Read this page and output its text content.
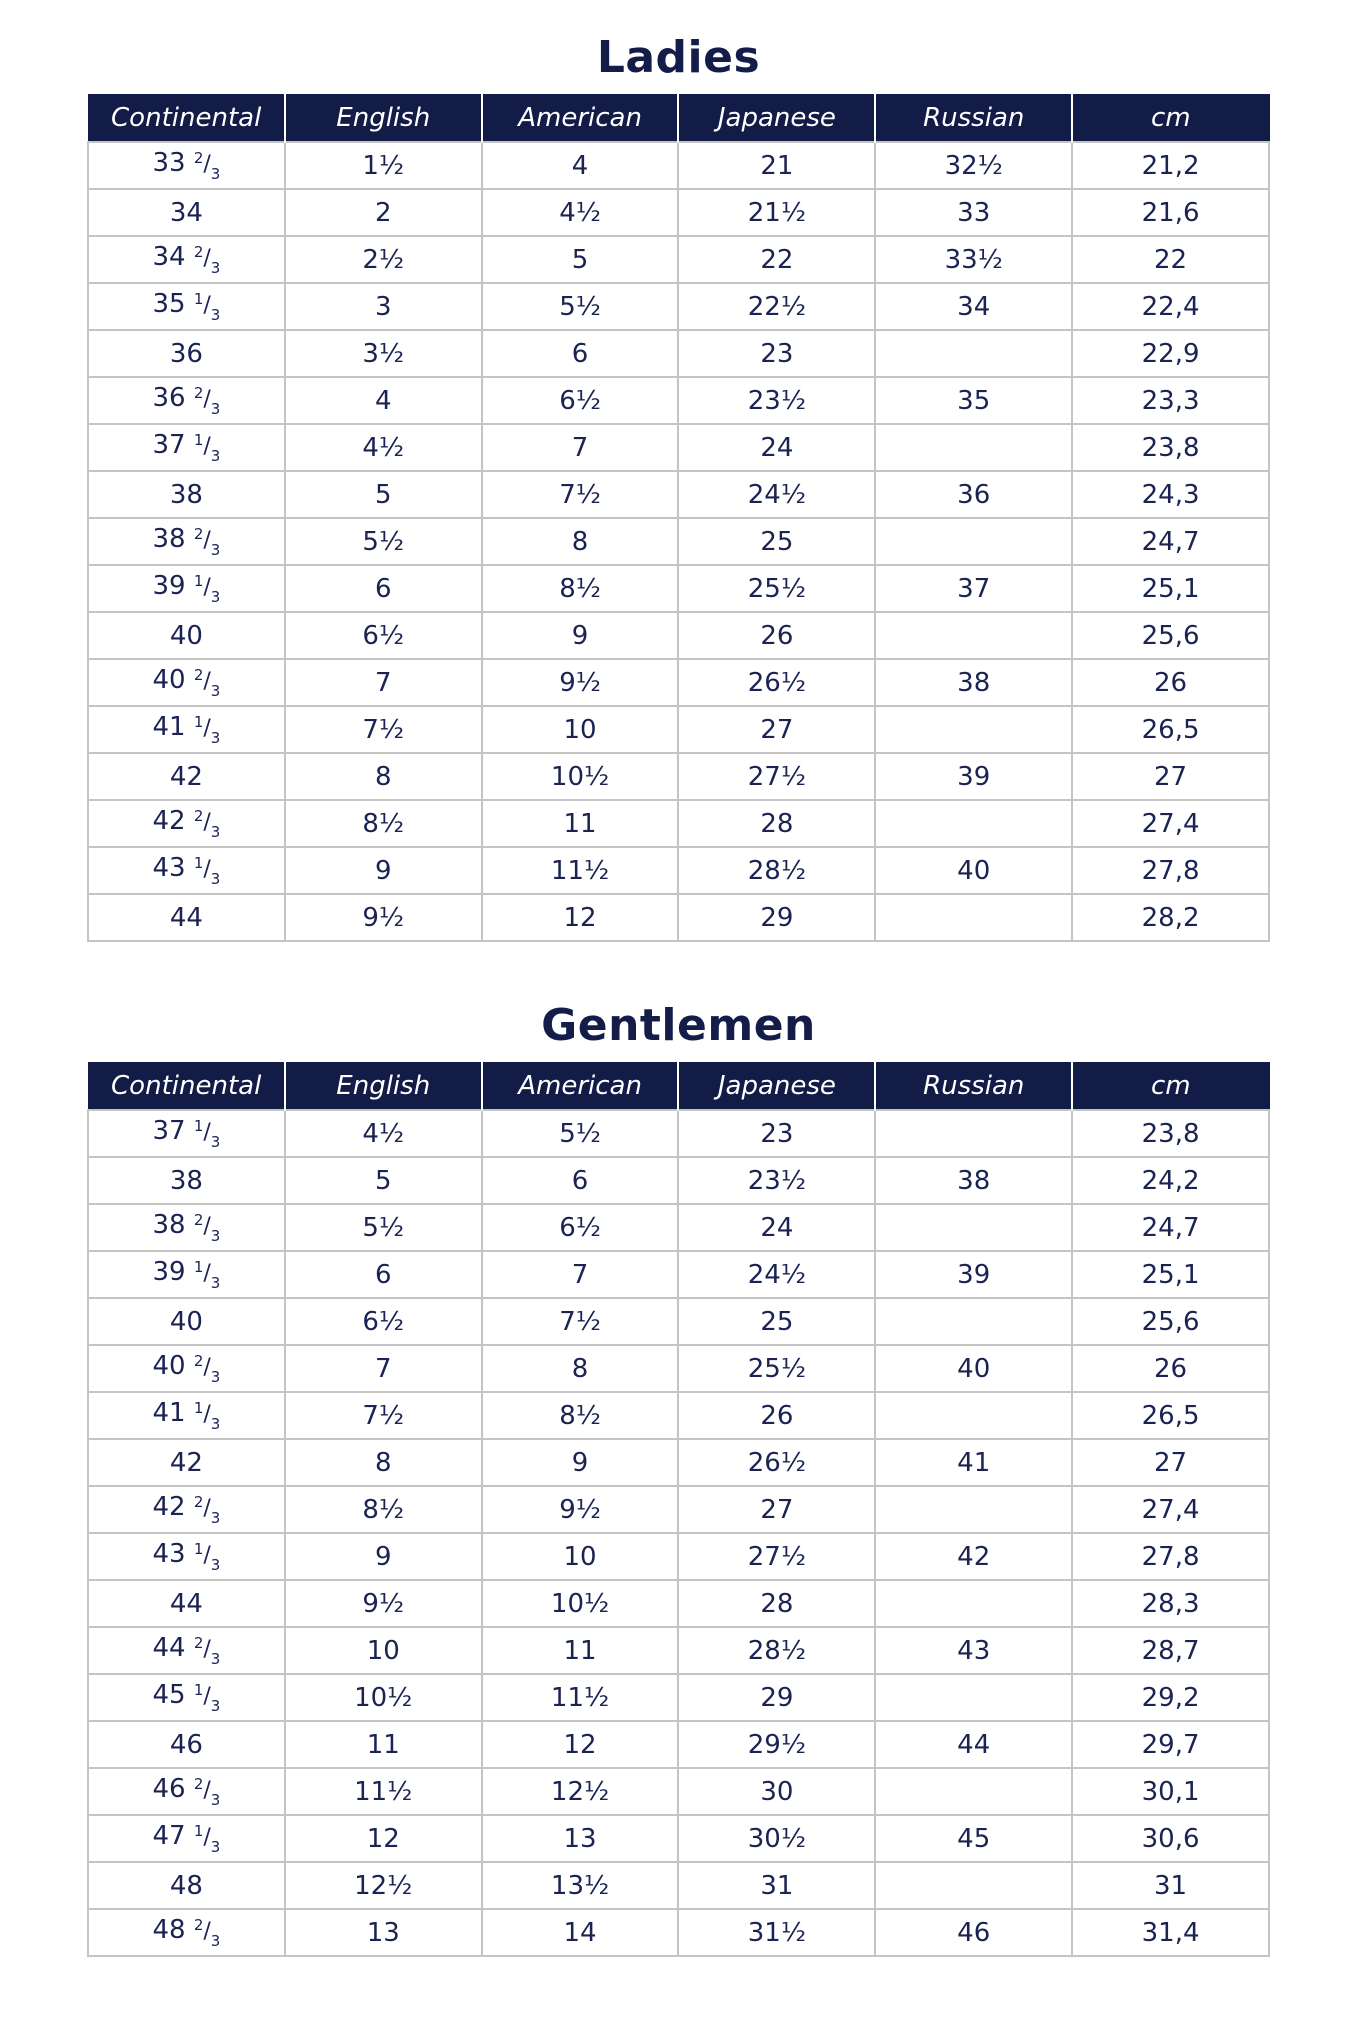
Ladies
Continental	English	American	Japanese	Russian	cm
33 $^2/_3$	1½	4	21	32½	21,2
34	2	4½	21½	33	21,6
34 $^2/_3$	2½	5	22	33½	22
35 $^1/_3$	3	5½	22½	34	22,4
36	3½	6	23		22,9
36 $^2/_3$	4	6½	23½	35	23,3
37 $^1/_3$	4½	7	24		23,8
38	5	7½	24½	36	24,3
38 $^2/_3$	5½	8	25		24,7
39 $^1/_3$	6	8½	25½	37	25,1
40	6½	9	26		25,6
40 $^2/_3$	7	9½	26½	38	26
41 $^1/_3$	7½	10	27		26,5
42	8	10½	27½	39	27
42 $^2/_3$	8½	11	28		27,4
43 $^1/_3$	9	11½	28½	40	27,8
44	9½	12	29		28,2
Gentlemen
Continental	English	American	Japanese	Russian	cm
37 $^1/_3$	4½	5½	23		23,8
38	5	6	23½	38	24,2
38 $^2/_3$	5½	6½	24		24,7
39 $^1/_3$	6	7	24½	39	25,1
40	6½	7½	25		25,6
40 $^2/_3$	7	8	25½	40	26
41 $^1/_3$	7½	8½	26		26,5
42	8	9	26½	41	27
42 $^2/_3$	8½	9½	27		27,4
43 $^1/_3$	9	10	27½	42	27,8
44	9½	10½	28		28,3
44 $^2/_3$	10	11	28½	43	28,7
45 $^1/_3$	10½	11½	29		29,2
46	11	12	29½	44	29,7
46 $^2/_3$	11½	12½	30		30,1
47 $^1/_3$	12	13	30½	45	30,6
48	12½	13½	31		31
48 $^2/_3$	13	14	31½	46	31,4
